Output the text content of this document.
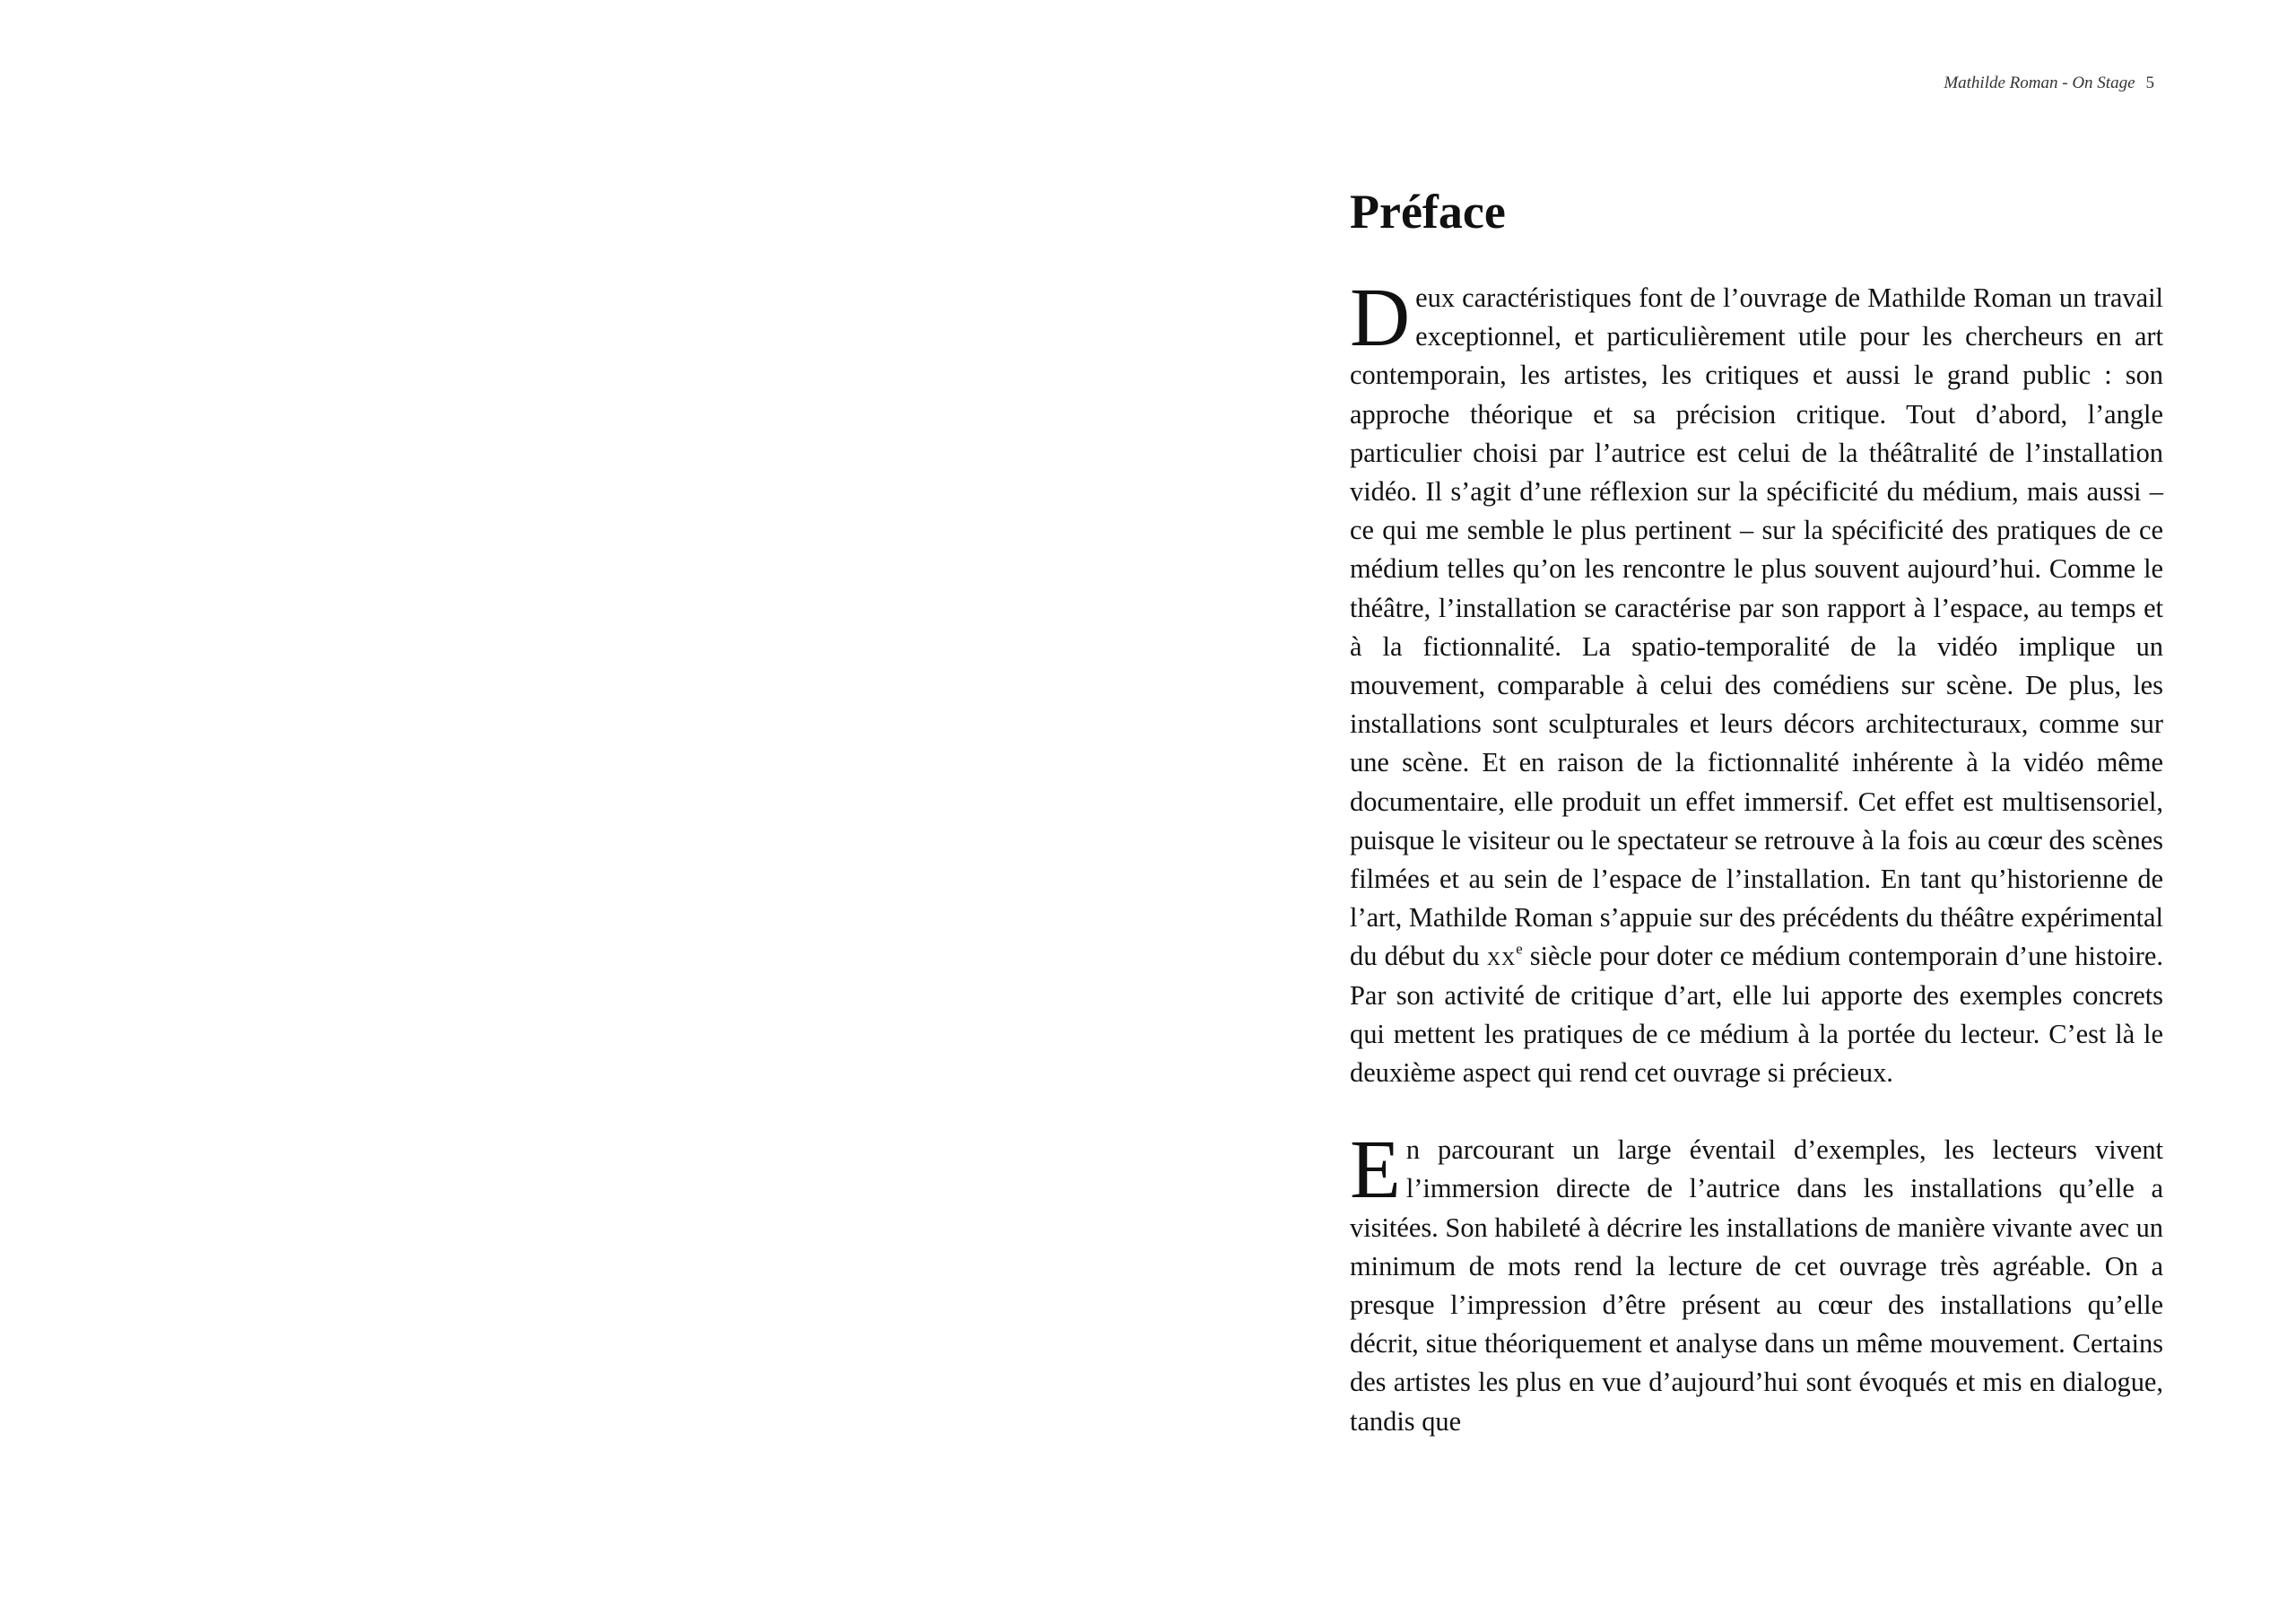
Mathilde Roman - On Stage 5
Préface

Deux caractéristiques font de l’ouvrage de Mathilde Roman un travail exceptionnel, et particulièrement utile pour les chercheurs en art contemporain, les artistes, les critiques et aussi le grand public : son approche théorique et sa précision critique. Tout d’abord, l’angle particulier choisi par l’autrice est celui de la théâtralité de l’installation vidéo. Il s’agit d’une réflexion sur la spécificité du médium, mais aussi – ce qui me semble le plus pertinent – sur la spécificité des pratiques de ce médium telles qu’on les rencontre le plus souvent aujourd’hui. Comme le théâtre, l’installation se caractérise par son rapport à l’espace, au temps et à la fictionnalité. La spatio-temporalité de la vidéo implique un mouvement, comparable à celui des comédiens sur scène. De plus, les installations sont sculpturales et leurs décors architecturaux, comme sur une scène. Et en raison de la fictionnalité inhérente à la vidéo même documentaire, elle produit un effet immersif. Cet effet est multisensoriel, puisque le visiteur ou le spectateur se retrouve à la fois au cœur des scènes filmées et au sein de l’espace de l’installation. En tant qu’historienne de l’art, Mathilde Roman s’appuie sur des précédents du théâtre expérimental du début du $xx^e$ siècle pour doter ce médium contemporain d’une histoire. Par son activité de critique d’art, elle lui apporte des exemples concrets qui mettent les pratiques de ce médium à la portée du lecteur. C’est là le deuxième aspect qui rend cet ouvrage si précieux.

En parcourant un large éventail d’exemples, les lecteurs vivent l’immersion directe de l’autrice dans les installations qu’elle a visitées. Son habileté à décrire les installations de manière vivante avec un minimum de mots rend la lecture de cet ouvrage très agréable. On a presque l’impression d’être présent au cœur des installations qu’elle décrit, situe théoriquement et analyse dans un même mouvement. Certains des artistes les plus en vue d’aujourd’hui sont évoqués et mis en dialogue, tandis que
